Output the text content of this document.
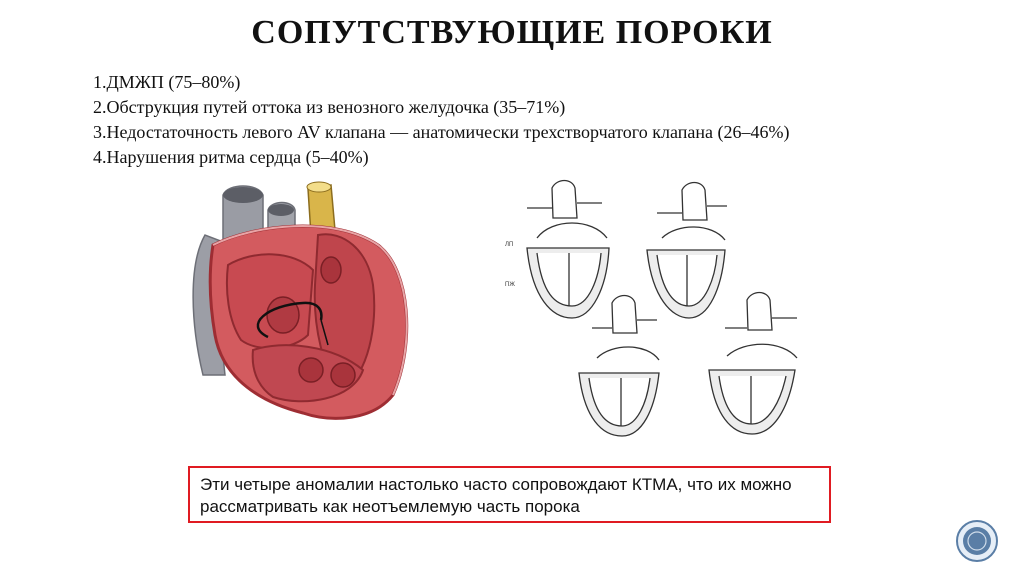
СОПУТСТВУЮЩИЕ ПОРОКИ
1.ДМЖП (75–80%)
2.Обструкция путей оттока из венозного желудочка (35–71%)
3.Недостаточность левого AV клапана — анатомически трехстворчатого клапана (26–46%)
4.Нарушения ритма сердца (5–40%)
ЛП
ПЖ
Эти четыре аномалии настолько часто сопровождают КТМА, что их можно рассматривать как неотъемлемую часть порока
